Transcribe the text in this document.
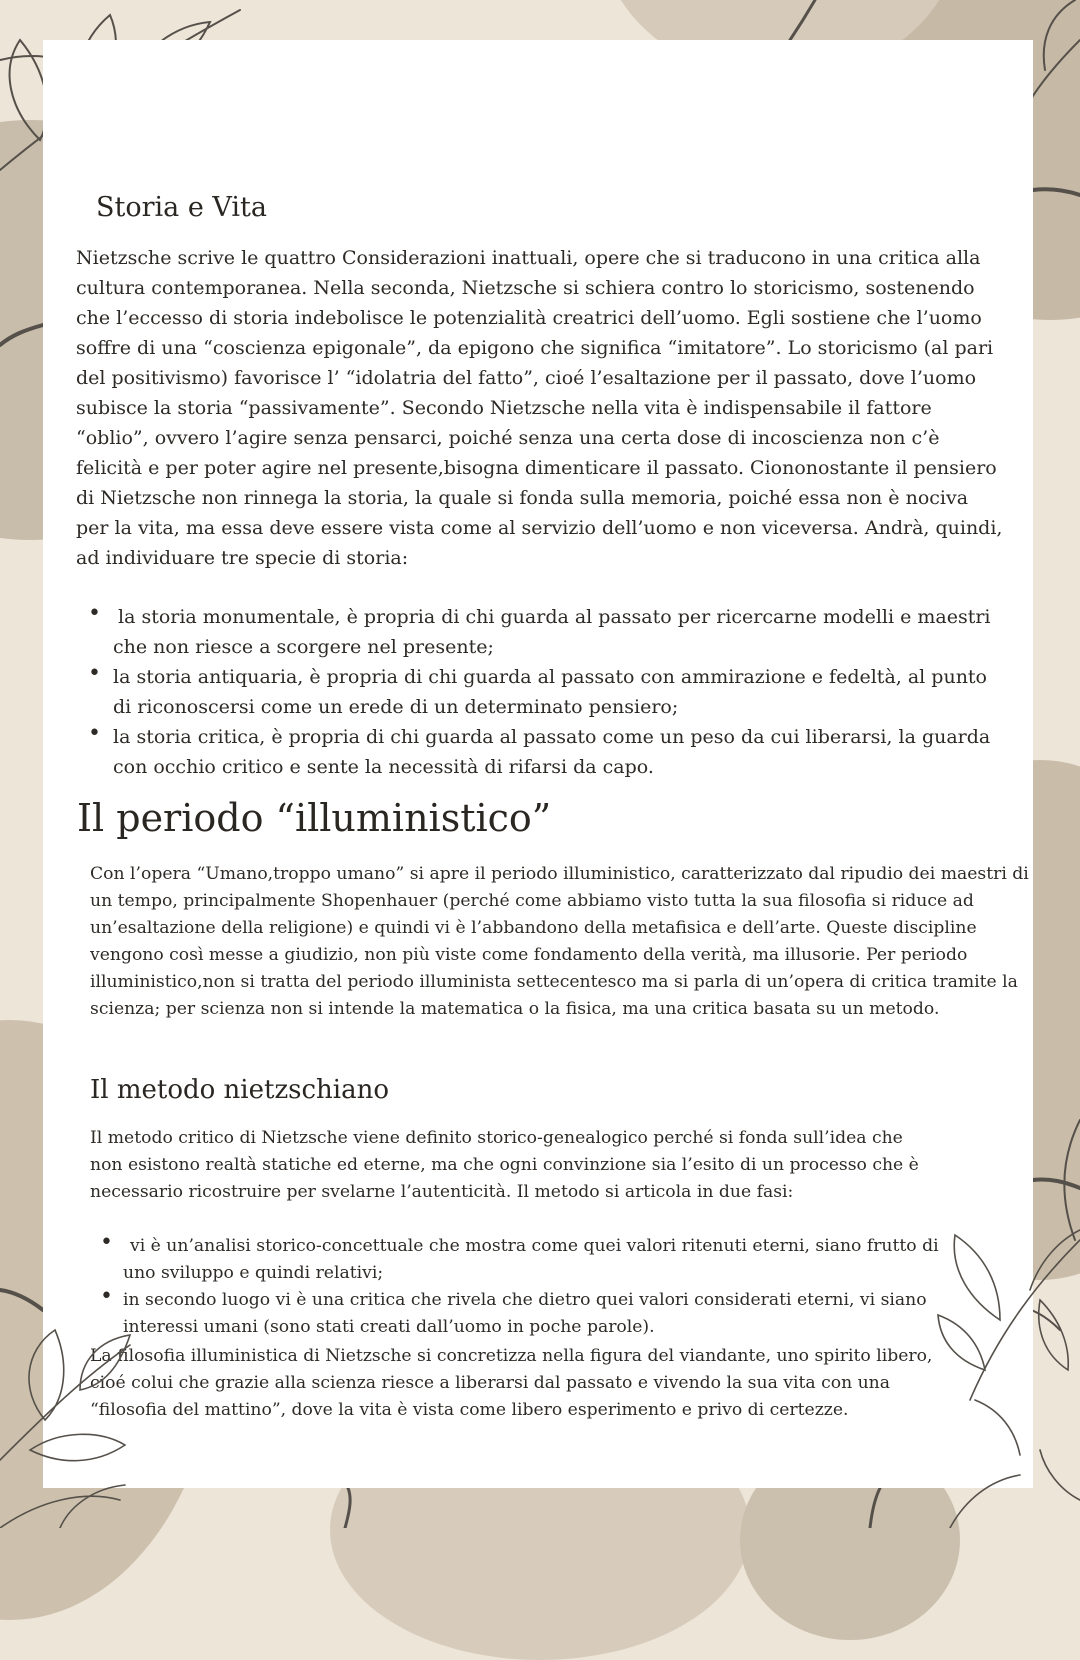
Storia e Vita

Nietzsche scrive le quattro Considerazioni inattuali, opere che si traducono in una critica alla cultura contemporanea. Nella seconda, Nietzsche si schiera contro lo storicismo, sostenendo che l’eccesso di storia indebolisce le potenzialità creatrici dell’uomo. Egli sostiene che l’uomo soffre di una “coscienza epigonale”, da epigono che significa “imitatore”. Lo storicismo (al pari del positivismo) favorisce l’ “idolatria del fatto”, cioé l’esaltazione per il passato, dove l’uomo subisce la storia “passivamente”. Secondo Nietzsche nella vita è indispensabile il fattore “oblio”, ovvero l’agire senza pensarci, poiché senza una certa dose di incoscienza non c’è felicità e per poter agire nel presente,bisogna dimenticare il passato. Ciononostante il pensiero di Nietzsche non rinnega la storia, la quale si fonda sulla memoria, poiché essa non è nociva per la vita, ma essa deve essere vista come al servizio dell’uomo e non viceversa. Andrà, quindi, ad individuare tre specie di storia:

• la storia monumentale, è propria di chi guarda al passato per ricercarne modelli e maestri che non riesce a scorgere nel presente;

• la storia antiquaria, è propria di chi guarda al passato con ammirazione e fedeltà, al punto di riconoscersi come un erede di un determinato pensiero;

• la storia critica, è propria di chi guarda al passato come un peso da cui liberarsi, la guarda con occhio critico e sente la necessità di rifarsi da capo.

Il periodo “illuministico”

Con l’opera “Umano,troppo umano” si apre il periodo illuministico, caratterizzato dal ripudio dei maestri di un tempo, principalmente Shopenhauer (perché come abbiamo visto tutta la sua filosofia si riduce ad un’esaltazione della religione) e quindi vi è l’abbandono della metafisica e dell’arte. Queste discipline vengono così messe a giudizio, non più viste come fondamento della verità, ma illusorie. Per periodo illuministico,non si tratta del periodo illuminista settecentesco ma si parla di un’opera di critica tramite la scienza; per scienza non si intende la matematica o la fisica, ma una critica basata su un metodo.

Il metodo nietzschiano

Il metodo critico di Nietzsche viene definito storico-genealogico perché si fonda sull’idea che non esistono realtà statiche ed eterne, ma che ogni convinzione sia l’esito di un processo che è necessario ricostruire per svelarne l’autenticità. Il metodo si articola in due fasi:

• vi è un’analisi storico-concettuale che mostra come quei valori ritenuti eterni, siano frutto di uno sviluppo e quindi relativi;

• in secondo luogo vi è una critica che rivela che dietro quei valori considerati eterni, vi siano interessi umani (sono stati creati dall’uomo in poche parole).

La filosofia illuministica di Nietzsche si concretizza nella figura del viandante, uno spirito libero, cioé colui che grazie alla scienza riesce a liberarsi dal passato e vivendo la sua vita con una “filosofia del mattino”, dove la vita è vista come libero esperimento e privo di certezze.
